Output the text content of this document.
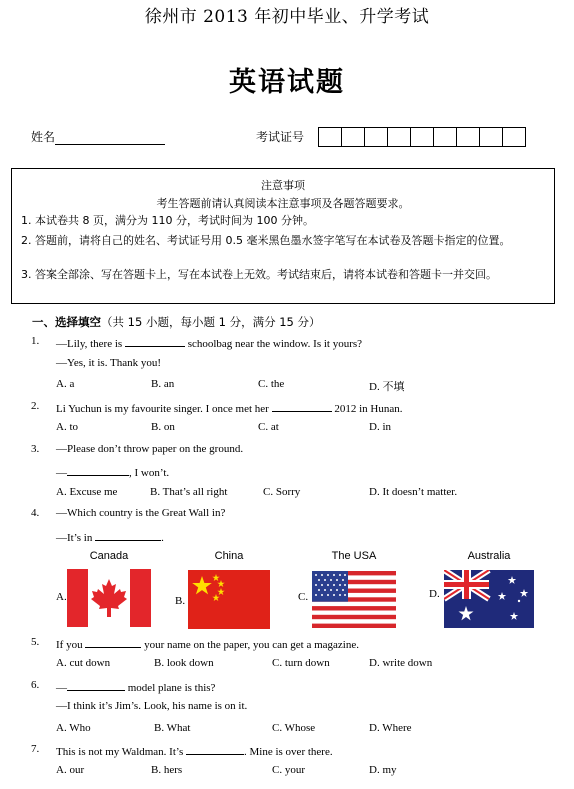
徐州市 2013 年初中毕业、升学考试
英语试题
姓名	考试证号
注意事项
考生答题前请认真阅读本注意事项及各题答题要求。
1. 本试卷共 8 页，满分为 110 分，考试时间为 100 分钟。
2. 答题前，请将自己的姓名、考试证号用 0.5 毫米黑色墨水签字笔写在本试卷及答题卡指定的位置。
3. 答案全部涂、写在答题卡上，写在本试卷上无效。考试结束后，请将本试卷和答题卡一并交回。
一、选择填空（共 15 小题，每小题 1 分，满分 15 分）
1. —Lily, there is	schoolbag near the window. Is it yours?
—Yes, it is. Thank you!
A. a	B. an	C. the	D. 不填
2. Li Yuchun is my favourite singer. I once met her	2012 in Hunan.
A. to	B. on	C. at	D. in
3. —Please don’t throw paper on the ground.
—	, I won’t.
A. Excuse me	B. That’s all right	C. Sorry	D. It doesn’t matter.
4. —Which country is the Great Wall in?
—It’s in	.
Canada	China	The USA	Australia
A.	B.	C.	D.
5. If you	your name on the paper, you can get a magazine.
A. cut down	B. look down	C. turn down	D. write down
6. —	model plane is this?
—I think it’s Jim’s. Look, his name is on it.
A. Who	B. What	C. Whose	D. Where
7. This is not my Waldman. It’s	. Mine is over there.
A. our	B. hers	C. your	D. my
